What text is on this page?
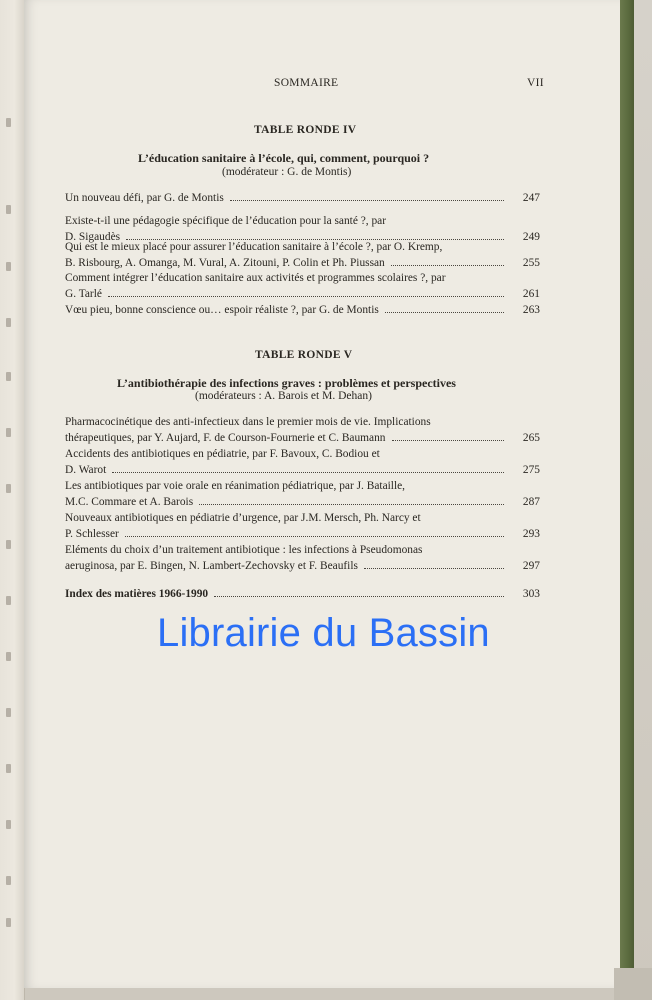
SOMMAIRE	VII
TABLE RONDE IV
L’éducation sanitaire à l’école, qui, comment, pourquoi ?
(modérateur : G. de Montis)
Un nouveau défi, par G. de Montis	247
Existe-t-il une pédagogie spécifique de l’éducation pour la santé ?, par
D. Sigaudès	249
Qui est le mieux placé pour assurer l’éducation sanitaire à l’école ?, par O. Kremp,
B. Risbourg, A. Omanga, M. Vural, A. Zitouni, P. Colin et Ph. Piussan	255
Comment intégrer l’éducation sanitaire aux activités et programmes scolaires ?, par
G. Tarlé	261
Vœu pieu, bonne conscience ou… espoir réaliste ?, par G. de Montis	263
TABLE RONDE V
L’antibiothérapie des infections graves : problèmes et perspectives
(modérateurs : A. Barois et M. Dehan)
Pharmacocinétique des anti-infectieux dans le premier mois de vie. Implications
thérapeutiques, par Y. Aujard, F. de Courson-Fournerie et C. Baumann	265
Accidents des antibiotiques en pédiatrie, par F. Bavoux, C. Bodiou et
D. Warot	275
Les antibiotiques par voie orale en réanimation pédiatrique, par J. Bataille,
M.C. Commare et A. Barois	287
Nouveaux antibiotiques en pédiatrie d’urgence, par J.M. Mersch, Ph. Narcy et
P. Schlesser	293
Eléments du choix d’un traitement antibiotique : les infections à Pseudomonas
aeruginosa, par E. Bingen, N. Lambert-Zechovsky et F. Beaufils	297
Index des matières 1966-1990	303
Librairie du Bassin
